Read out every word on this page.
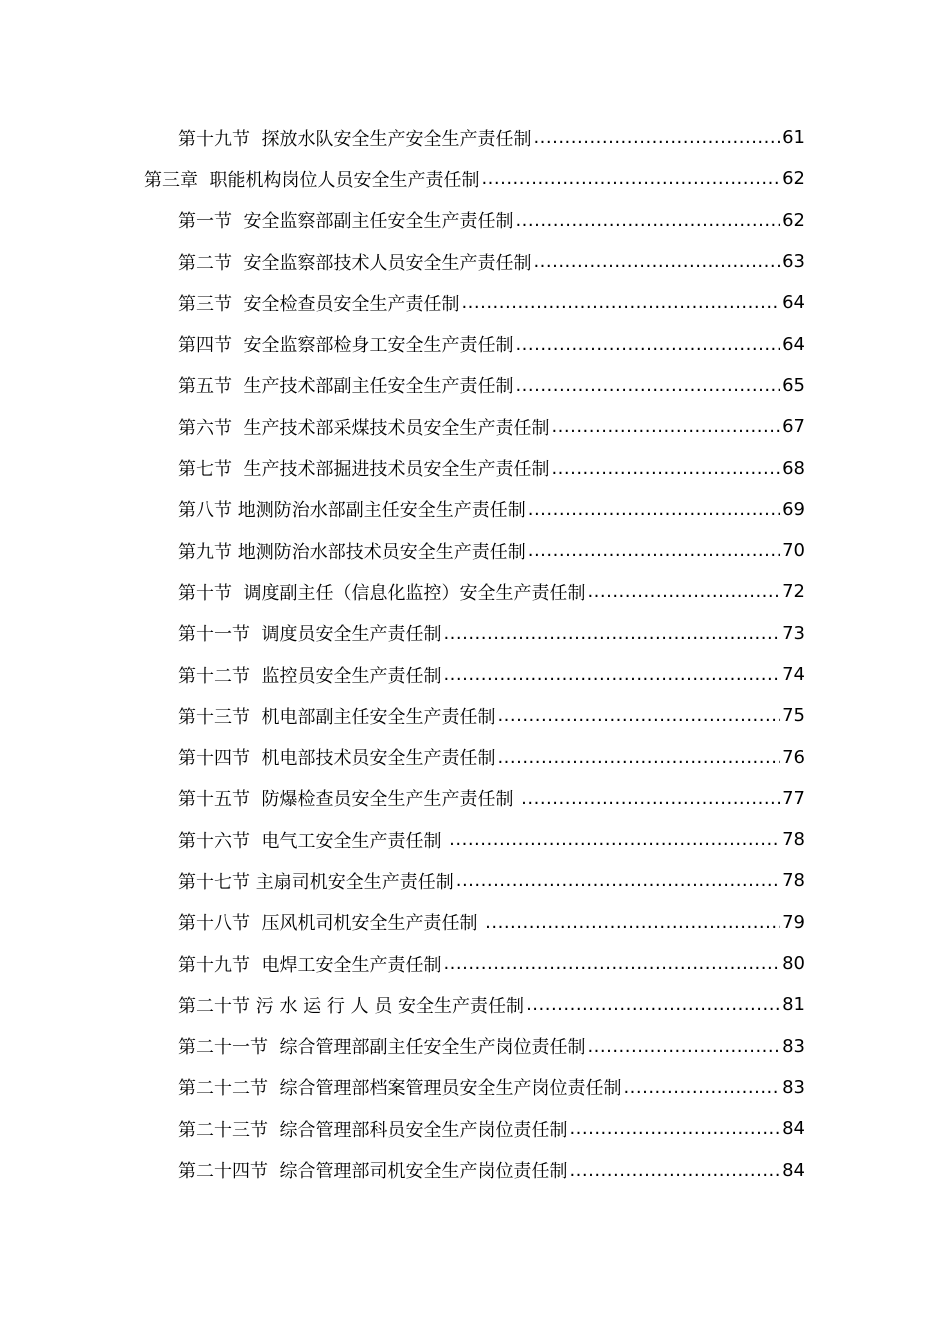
第十九节  探放水队安全生产安全生产责任制 .....	61
第三章  职能机构岗位人员安全生产责任制 .....	62
第一节  安全监察部副主任安全生产责任制 .....	62
第二节  安全监察部技术人员安全生产责任制 .....	63
第三节  安全检查员安全生产责任制 .....	64
第四节  安全监察部检身工安全生产责任制 .....	64
第五节  生产技术部副主任安全生产责任制 .....	65
第六节  生产技术部采煤技术员安全生产责任制 .....	67
第七节  生产技术部掘进技术员安全生产责任制 .....	68
第八节 地测防治水部副主任安全生产责任制 .....	69
第九节 地测防治水部技术员安全生产责任制 .....	70
第十节  调度副主任（信息化监控）安全生产责任制 .....	72
第十一节  调度员安全生产责任制 .....	73
第十二节  监控员安全生产责任制 .....	74
第十三节  机电部副主任安全生产责任制 .....	75
第十四节  机电部技术员安全生产责任制 .....	76
第十五节  防爆检查员安全生产生产责任制 .....	77
第十六节  电气工安全生产责任制 .....	78
第十七节 主扇司机安全生产责任制 .....	78
第十八节  压风机司机安全生产责任制 .....	79
第十九节  电焊工安全生产责任制 .....	80
第二十节 污 水 运 行 人 员 安全生产责任制 .....	81
第二十一节  综合管理部副主任安全生产岗位责任制 .....	83
第二十二节  综合管理部档案管理员安全生产岗位责任制 .....	83
第二十三节  综合管理部科员安全生产岗位责任制 .....	84
第二十四节  综合管理部司机安全生产岗位责任制 .....	84
